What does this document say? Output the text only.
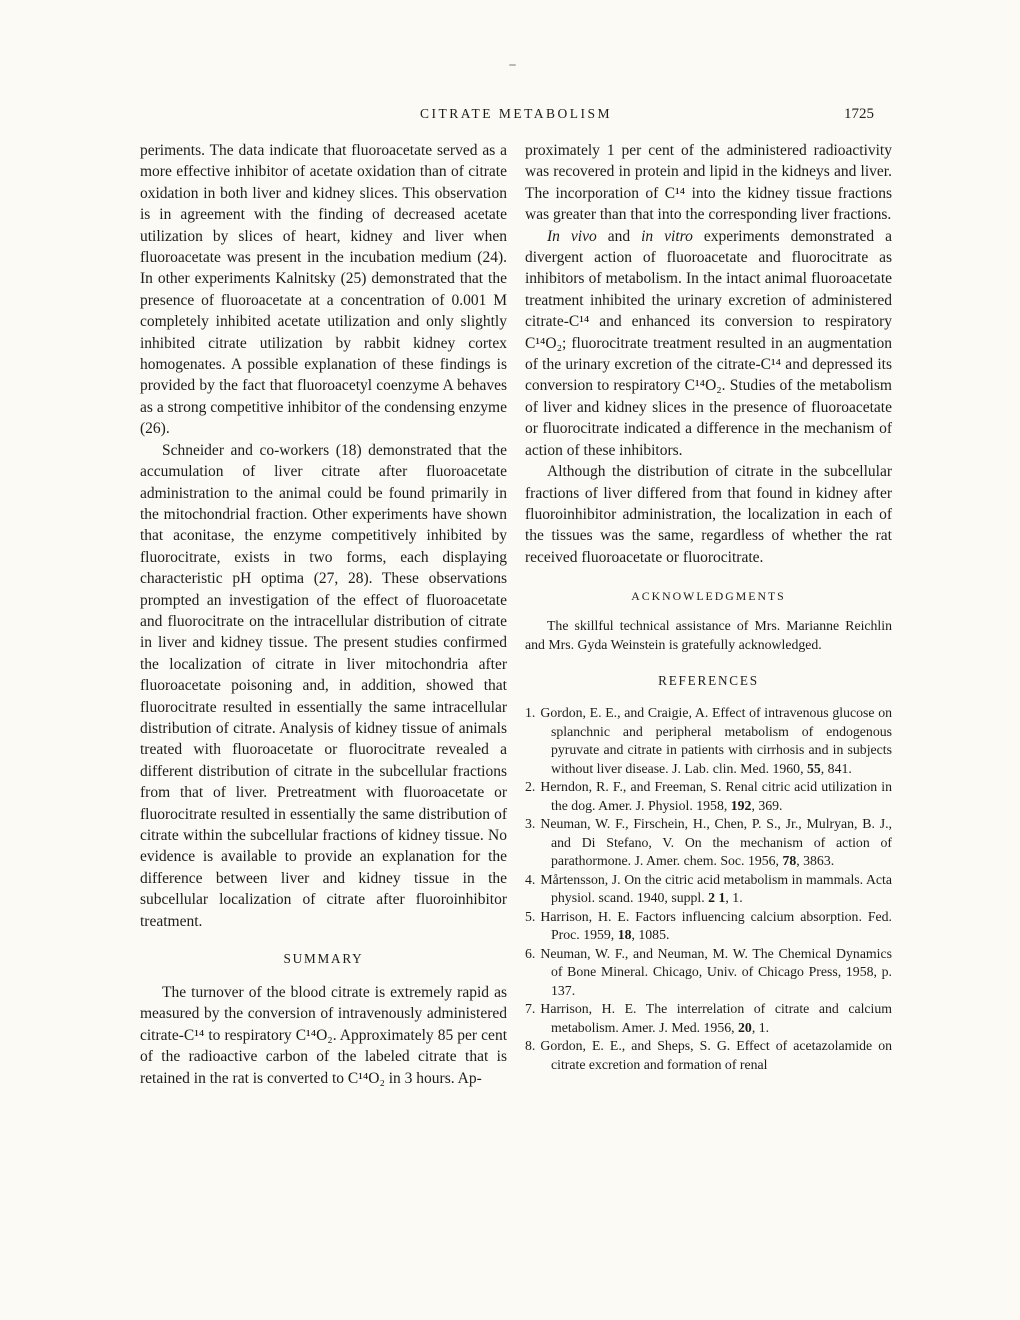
CITRATE METABOLISM	1725

periments. The data indicate that fluoroacetate served as a more effective inhibitor of acetate oxidation than of citrate oxidation in both liver and kidney slices. This observation is in agreement with the finding of decreased acetate utilization by slices of heart, kidney and liver when fluoroacetate was present in the incubation medium (24). In other experiments Kalnitsky (25) demonstrated that the presence of fluoroacetate at a concentration of 0.001 M completely inhibited acetate utilization and only slightly inhibited citrate utilization by rabbit kidney cortex homogenates. A possible explanation of these findings is provided by the fact that fluoroacetyl coenzyme A behaves as a strong competitive inhibitor of the condensing enzyme (26).

Schneider and co-workers (18) demonstrated that the accumulation of liver citrate after fluoroacetate administration to the animal could be found primarily in the mitochondrial fraction. Other experiments have shown that aconitase, the enzyme competitively inhibited by fluorocitrate, exists in two forms, each displaying characteristic pH optima (27, 28). These observations prompted an investigation of the effect of fluoroacetate and fluorocitrate on the intracellular distribution of citrate in liver and kidney tissue. The present studies confirmed the localization of citrate in liver mitochondria after fluoroacetate poisoning and, in addition, showed that fluorocitrate resulted in essentially the same intracellular distribution of citrate. Analysis of kidney tissue of animals treated with fluoroacetate or fluorocitrate revealed a different distribution of citrate in the subcellular fractions from that of liver. Pretreatment with fluoroacetate or fluorocitrate resulted in essentially the same distribution of citrate within the subcellular fractions of kidney tissue. No evidence is available to provide an explanation for the difference between liver and kidney tissue in the subcellular localization of citrate after fluoroinhibitor treatment.

SUMMARY

The turnover of the blood citrate is extremely rapid as measured by the conversion of intravenously administered citrate-C¹⁴ to respiratory C¹⁴O₂. Approximately 85 per cent of the radioactive carbon of the labeled citrate that is retained in the rat is converted to C¹⁴O₂ in 3 hours. Ap-

proximately 1 per cent of the administered radioactivity was recovered in protein and lipid in the kidneys and liver. The incorporation of C¹⁴ into the kidney tissue fractions was greater than that into the corresponding liver fractions.

In vivo and in vitro experiments demonstrated a divergent action of fluoroacetate and fluorocitrate as inhibitors of metabolism. In the intact animal fluoroacetate treatment inhibited the urinary excretion of administered citrate-C¹⁴ and enhanced its conversion to respiratory C¹⁴O₂; fluorocitrate treatment resulted in an augmentation of the urinary excretion of the citrate-C¹⁴ and depressed its conversion to respiratory C¹⁴O₂. Studies of the metabolism of liver and kidney slices in the presence of fluoroacetate or fluorocitrate indicated a difference in the mechanism of action of these inhibitors.

Although the distribution of citrate in the subcellular fractions of liver differed from that found in kidney after fluoroinhibitor administration, the localization in each of the tissues was the same, regardless of whether the rat received fluoroacetate or fluorocitrate.

ACKNOWLEDGMENTS

The skillful technical assistance of Mrs. Marianne Reichlin and Mrs. Gyda Weinstein is gratefully acknowledged.

REFERENCES

1. Gordon, E. E., and Craigie, A. Effect of intravenous glucose on splanchnic and peripheral metabolism of endogenous pyruvate and citrate in patients with cirrhosis and in subjects without liver disease. J. Lab. clin. Med. 1960, 55, 841.

2. Herndon, R. F., and Freeman, S. Renal citric acid utilization in the dog. Amer. J. Physiol. 1958, 192, 369.

3. Neuman, W. F., Firschein, H., Chen, P. S., Jr., Mulryan, B. J., and Di Stefano, V. On the mechanism of action of parathormone. J. Amer. chem. Soc. 1956, 78, 3863.

4. Mårtensson, J. On the citric acid metabolism in mammals. Acta physiol. scand. 1940, suppl. 2 1, 1.

5. Harrison, H. E. Factors influencing calcium absorption. Fed. Proc. 1959, 18, 1085.

6. Neuman, W. F., and Neuman, M. W. The Chemical Dynamics of Bone Mineral. Chicago, Univ. of Chicago Press, 1958, p. 137.

7. Harrison, H. E. The interrelation of citrate and calcium metabolism. Amer. J. Med. 1956, 20, 1.

8. Gordon, E. E., and Sheps, S. G. Effect of acetazolamide on citrate excretion and formation of renal
